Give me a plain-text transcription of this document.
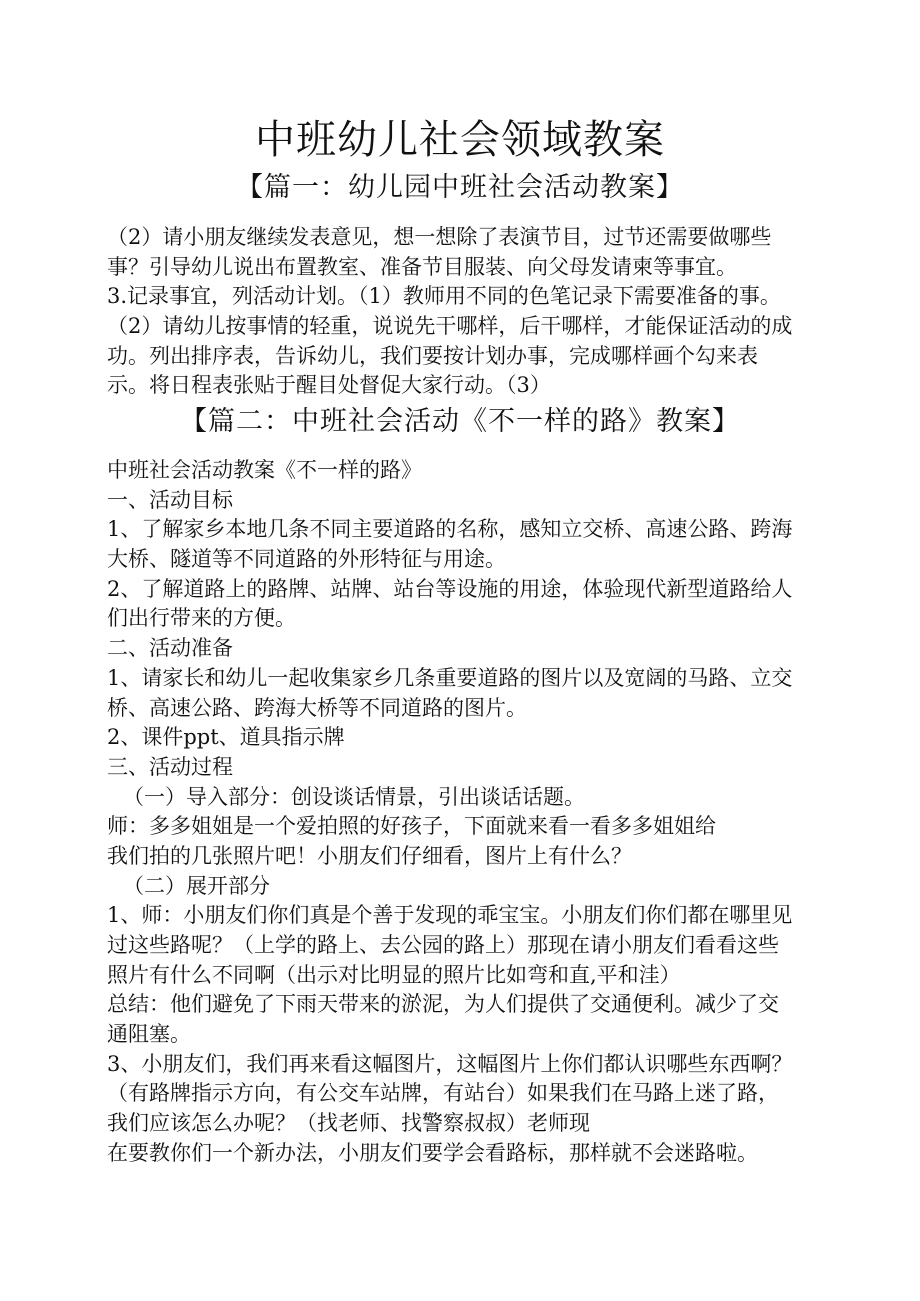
中班幼儿社会领域教案
【篇一：幼儿园中班社会活动教案】
（2）请小朋友继续发表意见，想一想除了表演节目，过节还需要做哪些
事？引导幼儿说出布置教室、准备节目服装、向父母发请柬等事宜。
3.记录事宜，列活动计划。（1）教师用不同的色笔记录下需要准备的事。
（2）请幼儿按事情的轻重，说说先干哪样，后干哪样，才能保证活动的成
功。列出排序表，告诉幼儿，我们要按计划办事，完成哪样画个勾来表
示。将日程表张贴于醒目处督促大家行动。（3）
【篇二：中班社会活动《不一样的路》教案】
中班社会活动教案《不一样的路》
一、活动目标
1、了解家乡本地几条不同主要道路的名称，感知立交桥、高速公路、跨海
大桥、隧道等不同道路的外形特征与用途。
2、了解道路上的路牌、站牌、站台等设施的用途，体验现代新型道路给人
们出行带来的方便。
二、活动准备
1、请家长和幼儿一起收集家乡几条重要道路的图片以及宽阔的马路、立交
桥、高速公路、跨海大桥等不同道路的图片。
2、课件ppt、道具指示牌
三、活动过程
（一）导入部分：创设谈话情景，引出谈话话题。
师：多多姐姐是一个爱拍照的好孩子，下面就来看一看多多姐姐给
我们拍的几张照片吧！小朋友们仔细看，图片上有什么？
（二）展开部分
1、师：小朋友们你们真是个善于发现的乖宝宝。小朋友们你们都在哪里见
过这些路呢？（上学的路上、去公园的路上）那现在请小朋友们看看这些
照片有什么不同啊（出示对比明显的照片比如弯和直,平和洼）
总结：他们避免了下雨天带来的淤泥，为人们提供了交通便利。减少了交
通阻塞。
3、小朋友们，我们再来看这幅图片，这幅图片上你们都认识哪些东西啊？
（有路牌指示方向，有公交车站牌，有站台）如果我们在马路上迷了路，
我们应该怎么办呢？（找老师、找警察叔叔）老师现
在要教你们一个新办法，小朋友们要学会看路标，那样就不会迷路啦。
